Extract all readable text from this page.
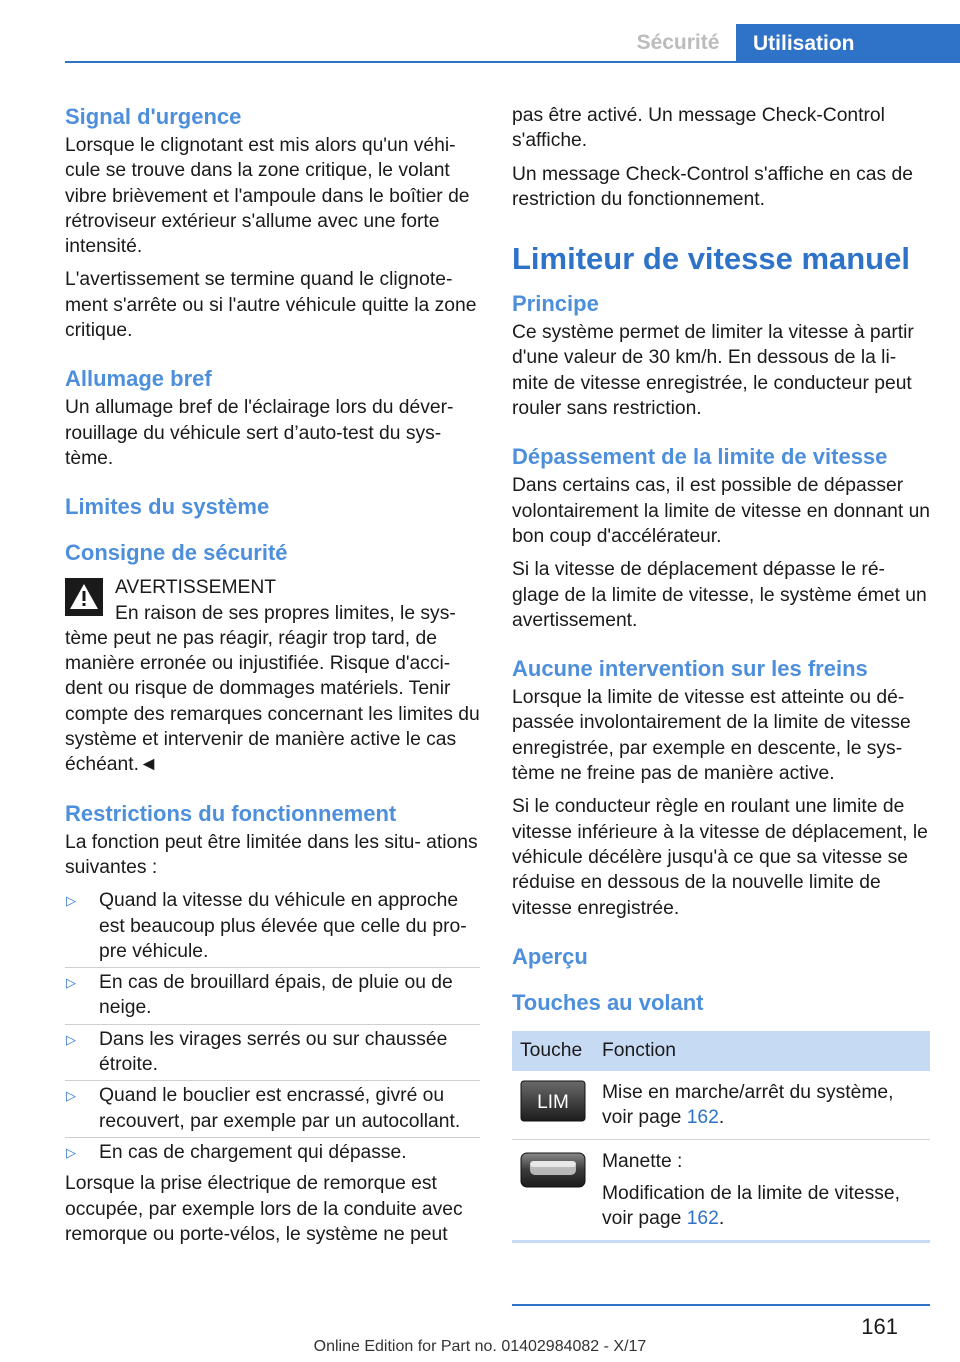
Sécurité	Utilisation
Signal d'urgence

Lorsque le clignotant est mis alors qu'un véhi‐ cule se trouve dans la zone critique, le volant vibre brièvement et l'ampoule dans le boîtier de rétroviseur extérieur s'allume avec une forte intensité.

L'avertissement se termine quand le clignote‐ ment s'arrête ou si l'autre véhicule quitte la zone critique.

Allumage bref

Un allumage bref de l'éclairage lors du déver‐ rouillage du véhicule sert d’auto-test du sys‐ tème.

Limites du système
Consigne de sécurité
AVERTISSEMENT

En raison de ses propres limites, le sys‐ tème peut ne pas réagir, réagir trop tard, de manière erronée ou injustifiée. Risque d'acci‐ dent ou risque de dommages matériels. Tenir compte des remarques concernant les limites du système et intervenir de manière active le cas échéant.◄

Restrictions du fonctionnement

La fonction peut être limitée dans les situ‐ ations suivantes :

▷ Quand la vitesse du véhicule en approche est beaucoup plus élevée que celle du pro‐ pre véhicule.
▷ En cas de brouillard épais, de pluie ou de neige.
▷ Dans les virages serrés ou sur chaussée étroite.
▷ Quand le bouclier est encrassé, givré ou recouvert, par exemple par un autocollant.
▷ En cas de chargement qui dépasse.

Lorsque la prise électrique de remorque est occupée, par exemple lors de la conduite avec remorque ou porte-vélos, le système ne peut

pas être activé. Un message Check-Control s'affiche.

Un message Check-Control s'affiche en cas de restriction du fonctionnement.

Limiteur de vitesse manuel
Principe

Ce système permet de limiter la vitesse à partir d'une valeur de 30 km/h. En dessous de la li‐ mite de vitesse enregistrée, le conducteur peut rouler sans restriction.

Dépassement de la limite de vitesse

Dans certains cas, il est possible de dépasser volontairement la limite de vitesse en donnant un bon coup d'accélérateur.

Si la vitesse de déplacement dépasse le ré‐ glage de la limite de vitesse, le système émet un avertissement.

Aucune intervention sur les freins

Lorsque la limite de vitesse est atteinte ou dé‐ passée involontairement de la limite de vitesse enregistrée, par exemple en descente, le sys‐ tème ne freine pas de manière active.

Si le conducteur règle en roulant une limite de vitesse inférieure à la vitesse de déplacement, le véhicule décélère jusqu'à ce que sa vitesse se réduise en dessous de la nouvelle limite de vitesse enregistrée.

Aperçu
Touches au volant
Touche	Fonction

LIM	Mise en marche/arrêt du système, voir page 162.

Manette :

Modification de la limite de vitesse, voir page 162.
161
Online Edition for Part no. 01402984082 - X/17
